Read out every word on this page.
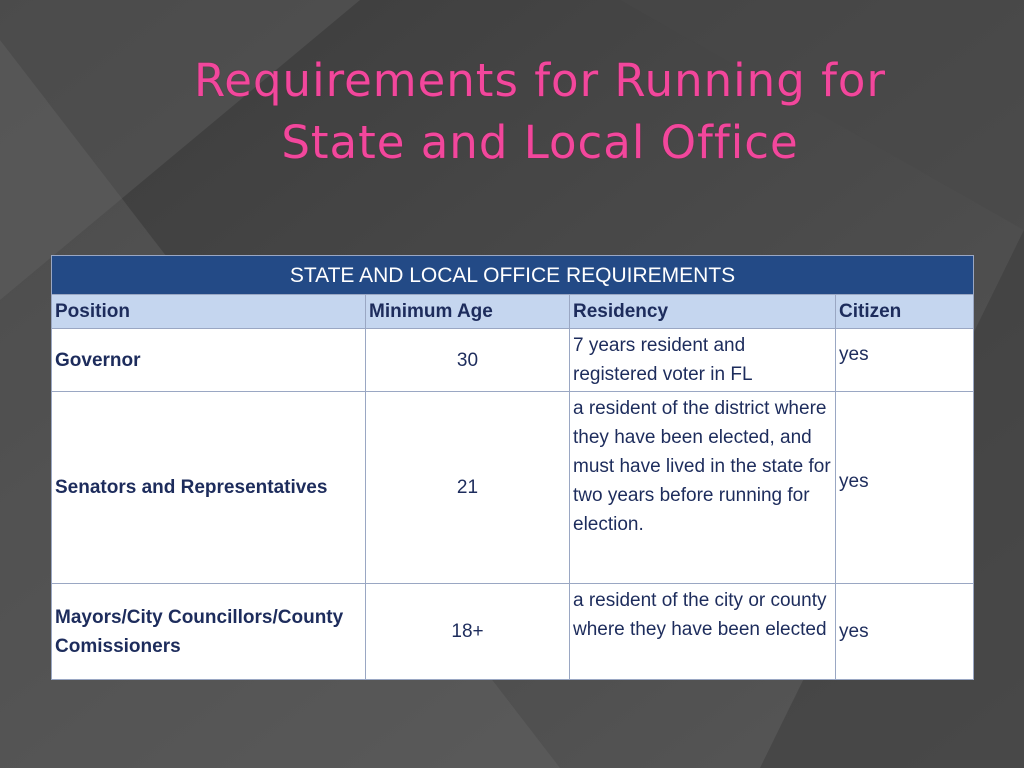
Requirements for Running for
State and Local Office
STATE AND LOCAL OFFICE REQUIREMENTS			
Position	Minimum Age	Residency	Citizen
Governor	30	7 years resident and registered voter in FL	yes
Senators and Representatives	21	a resident of the district where they have been elected, and must have lived in the state for two years before running for election.	yes
Mayors/City Councillors/County Comissioners	18+	a resident of the city or county where they have been elected	yes
